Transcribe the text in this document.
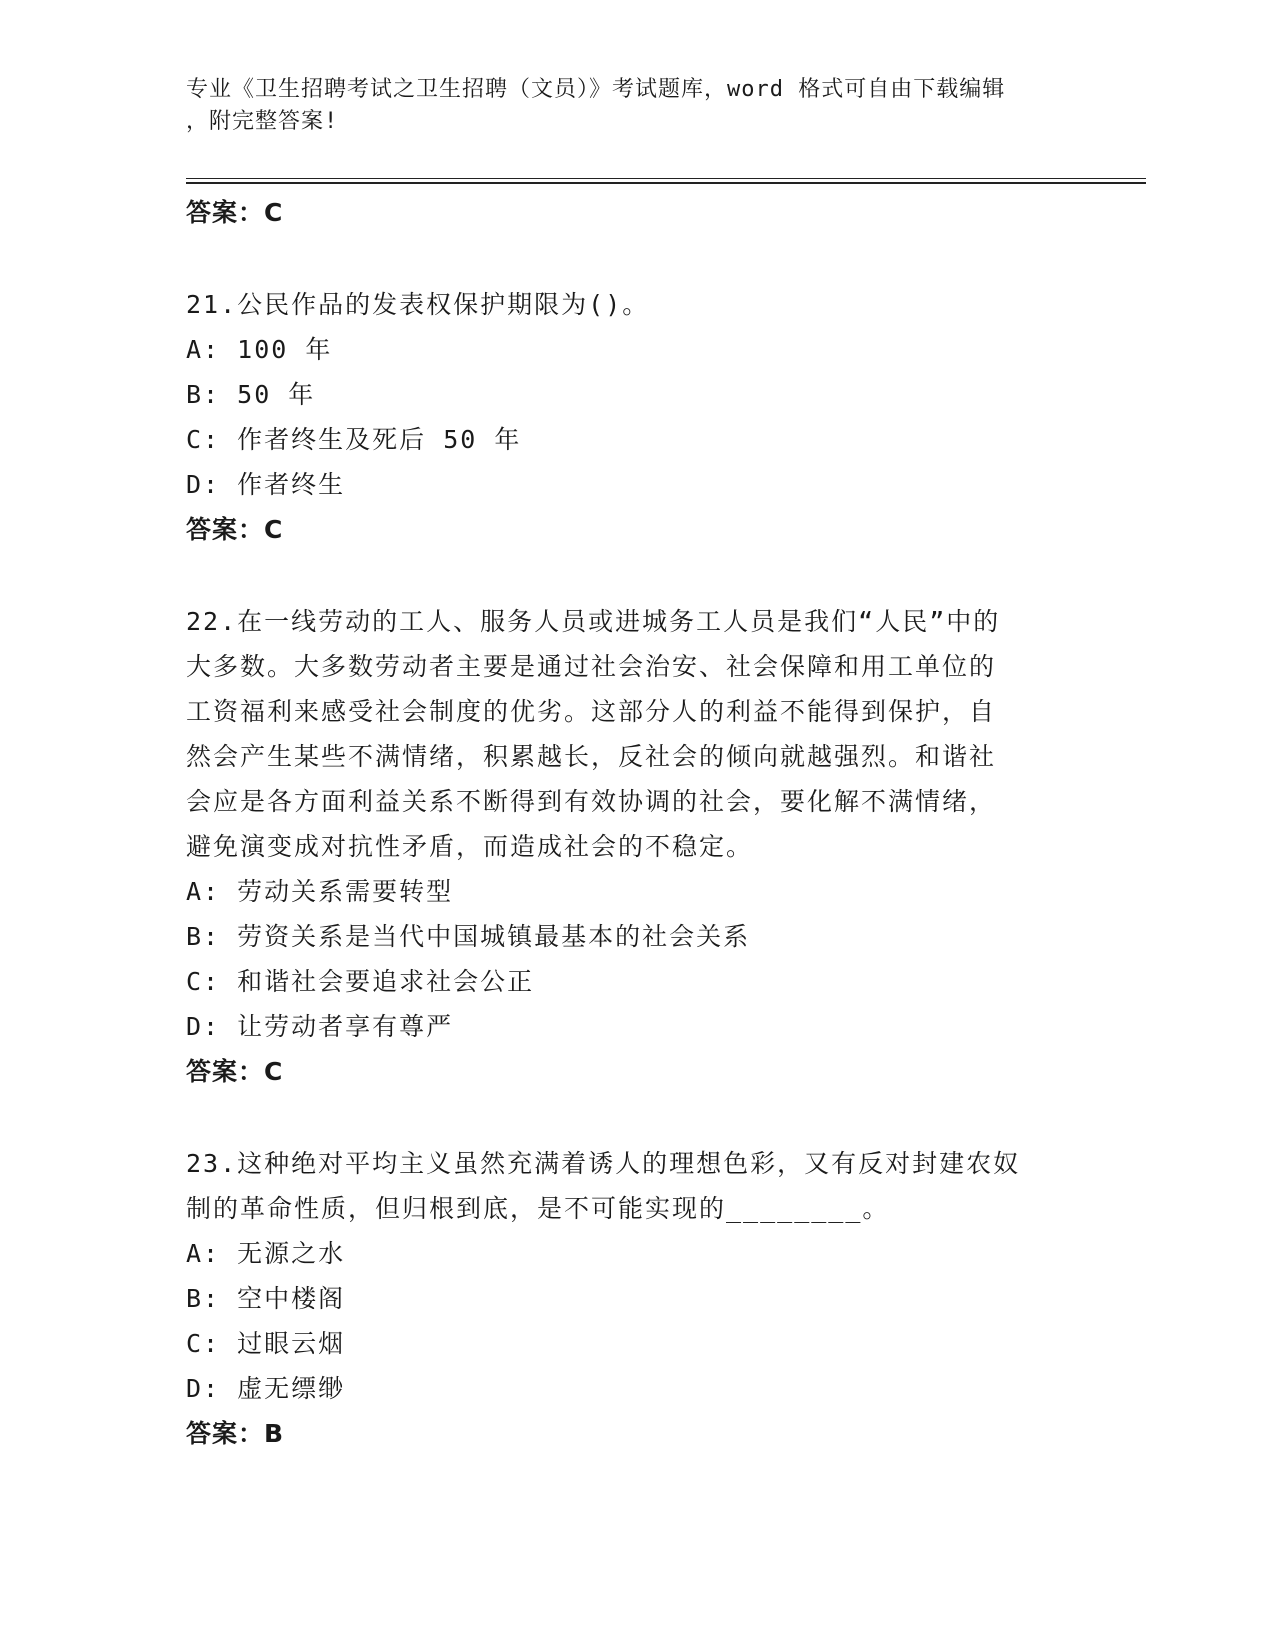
专业《卫生招聘考试之卫生招聘（文员）》考试题库，word 格式可自由下载编辑
，附完整答案!
答案：C
21.公民作品的发表权保护期限为()。
A: 100 年
B: 50 年
C: 作者终生及死后 50 年
D: 作者终生
答案：C
22.在一线劳动的工人、服务人员或进城务工人员是我们“人民”中的
大多数。大多数劳动者主要是通过社会治安、社会保障和用工单位的
工资福利来感受社会制度的优劣。这部分人的利益不能得到保护，自
然会产生某些不满情绪，积累越长，反社会的倾向就越强烈。和谐社
会应是各方面利益关系不断得到有效协调的社会，要化解不满情绪，
避免演变成对抗性矛盾，而造成社会的不稳定。
A: 劳动关系需要转型
B: 劳资关系是当代中国城镇最基本的社会关系
C: 和谐社会要追求社会公正
D: 让劳动者享有尊严
答案：C
23.这种绝对平均主义虽然充满着诱人的理想色彩，又有反对封建农奴
制的革命性质，但归根到底，是不可能实现的________。
A: 无源之水
B: 空中楼阁
C: 过眼云烟
D: 虚无缥缈
答案：B
